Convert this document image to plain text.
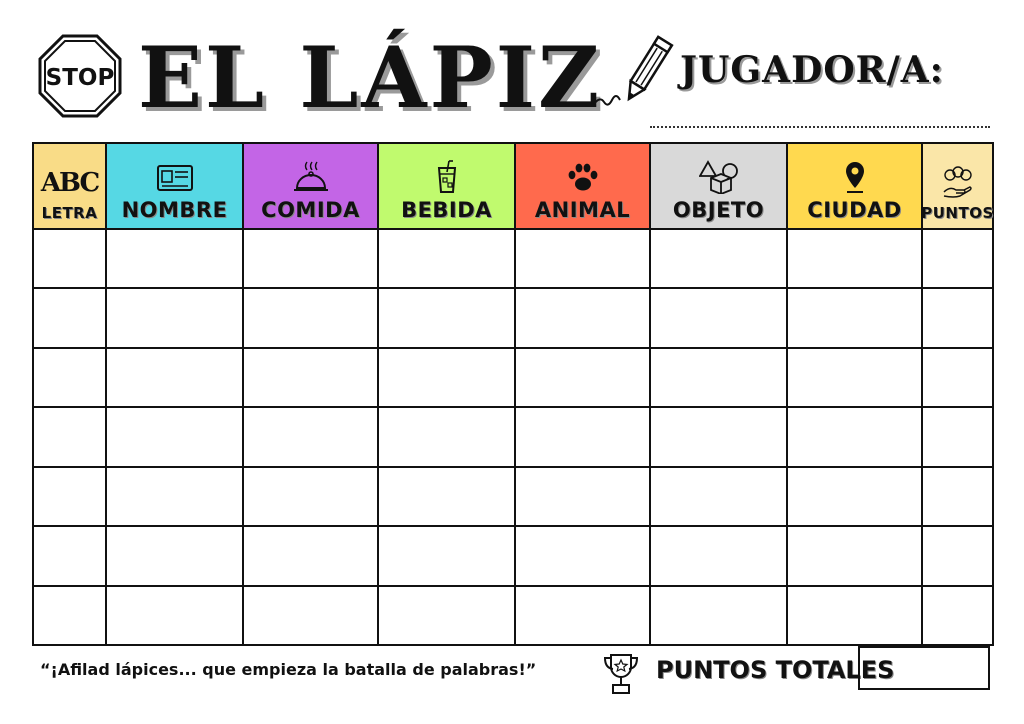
STOP EL LÁPIZ JUGADOR/A:
ABC
LETRA	NOMBRE	COMIDA	BEBIDA	ANIMAL	OBJETO	CIUDAD	PUNTOS

“¡Afilad lápices... que empieza la batalla de palabras!”	PUNTOS TOTALES
